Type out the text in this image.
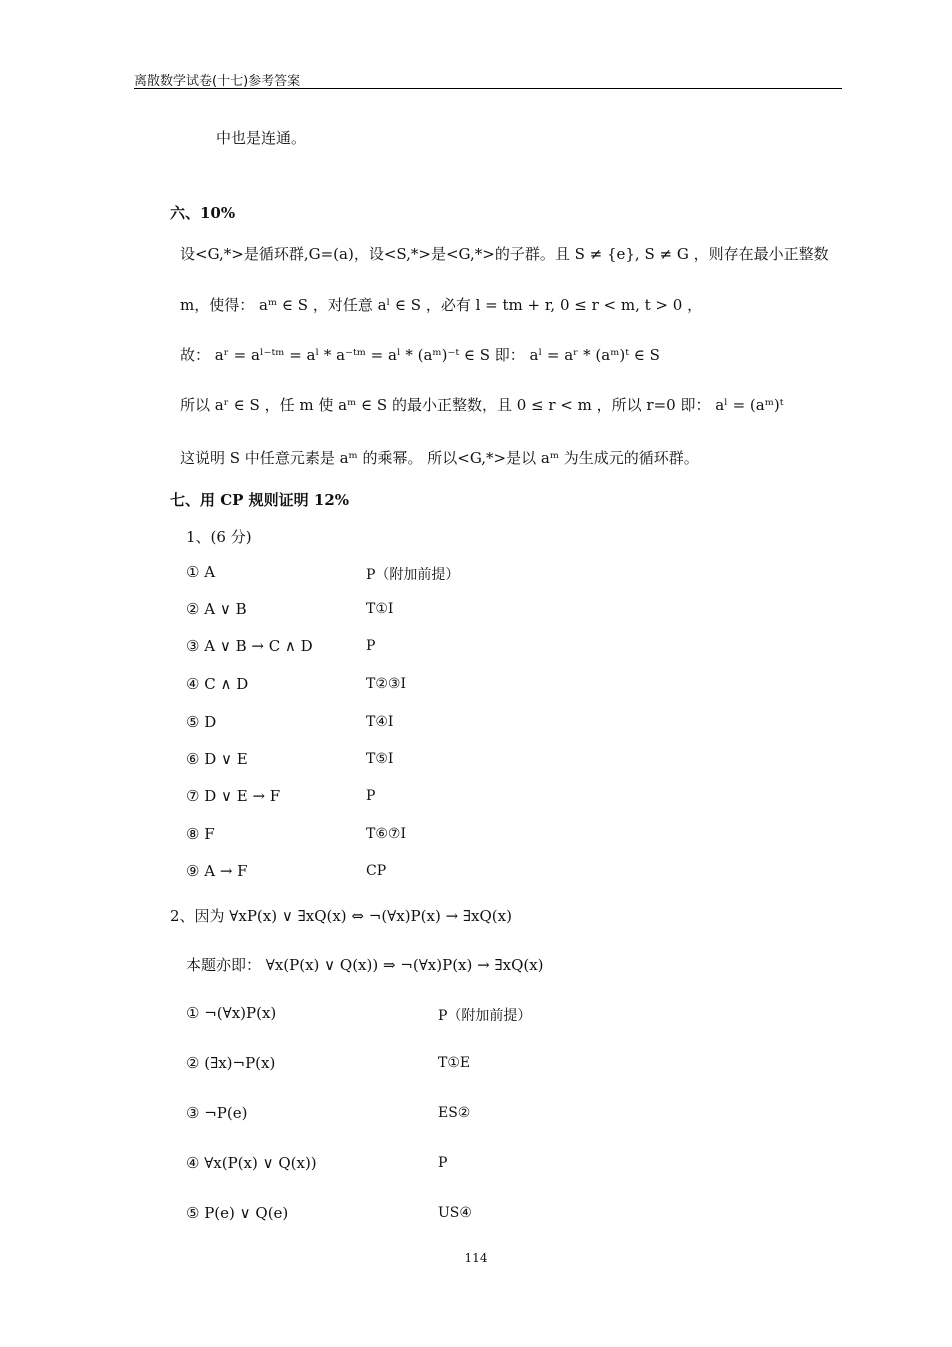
离散数学试卷(十七)参考答案
中也是连通。
六、10%
设<G,*>是循环群,G=(a)，设<S,*>是<G,*>的子群。且 S ≠ {e}, S ≠ G ，则存在最小正整数
m，使得： aᵐ ∈ S ，对任意 aˡ ∈ S ，必有 l = tm + r, 0 ≤ r < m, t > 0 ，
故： aʳ = aˡ⁻ᵗᵐ = aˡ * a⁻ᵗᵐ = aˡ * (aᵐ)⁻ᵗ ∈ S 即： aˡ = aʳ * (aᵐ)ᵗ ∈ S
所以 aʳ ∈ S ，任 m 使 aᵐ ∈ S 的最小正整数，且 0 ≤ r < m ，所以 r=0 即： aˡ = (aᵐ)ᵗ
这说明 S 中任意元素是 aᵐ 的乘幂。 所以<G,*>是以 aᵐ 为生成元的循环群。
七、用 CP 规则证明 12%
1、(6 分)
① A	P（附加前提）
② A ∨ B	T①I
③ A ∨ B → C ∧ D	P
④ C ∧ D	T②③I
⑤ D	T④I
⑥ D ∨ E	T⑤I
⑦ D ∨ E → F	P
⑧ F	T⑥⑦I
⑨ A → F	CP
2、因为 ∀xP(x) ∨ ∃xQ(x) ⇔ ¬(∀x)P(x) → ∃xQ(x)
本题亦即： ∀x(P(x) ∨ Q(x)) ⇒ ¬(∀x)P(x) → ∃xQ(x)
① ¬(∀x)P(x)	P（附加前提）
② (∃x)¬P(x)	T①E
③ ¬P(e)	ES②
④ ∀x(P(x) ∨ Q(x))	P
⑤ P(e) ∨ Q(e)	US④
114
